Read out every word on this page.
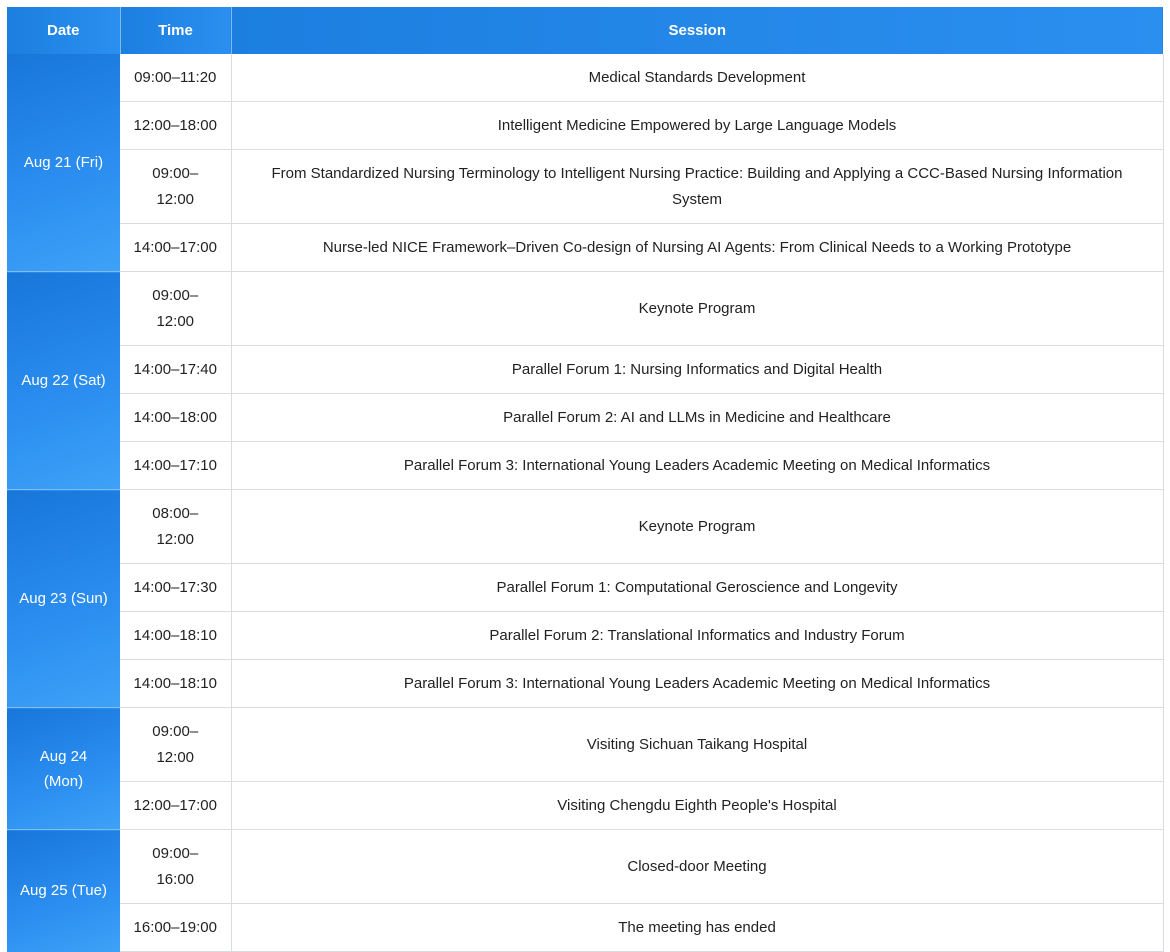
Date	Time	Session
Aug 21 (Fri)	09:00–11:20	Medical Standards Development
	12:00–18:00	Intelligent Medicine Empowered by Large Language Models
	09:00–12:00	From Standardized Nursing Terminology to Intelligent Nursing Practice: Building and Applying a CCC-Based Nursing Information System
	14:00–17:00	Nurse-led NICE Framework–Driven Co-design of Nursing AI Agents: From Clinical Needs to a Working Prototype
Aug 22 (Sat)	09:00–12:00	Keynote Program
	14:00–17:40	Parallel Forum 1: Nursing Informatics and Digital Health
	14:00–18:00	Parallel Forum 2: AI and LLMs in Medicine and Healthcare
	14:00–17:10	Parallel Forum 3: International Young Leaders Academic Meeting on Medical Informatics
Aug 23 (Sun)	08:00–12:00	Keynote Program
	14:00–17:30	Parallel Forum 1: Computational Geroscience and Longevity
	14:00–18:10	Parallel Forum 2: Translational Informatics and Industry Forum
	14:00–18:10	Parallel Forum 3: International Young Leaders Academic Meeting on Medical Informatics
Aug 24 (Mon)	09:00–12:00	Visiting Sichuan Taikang Hospital
	12:00–17:00	Visiting Chengdu Eighth People's Hospital
Aug 25 (Tue)	09:00–16:00	Closed-door Meeting
	16:00–19:00	The meeting has ended
